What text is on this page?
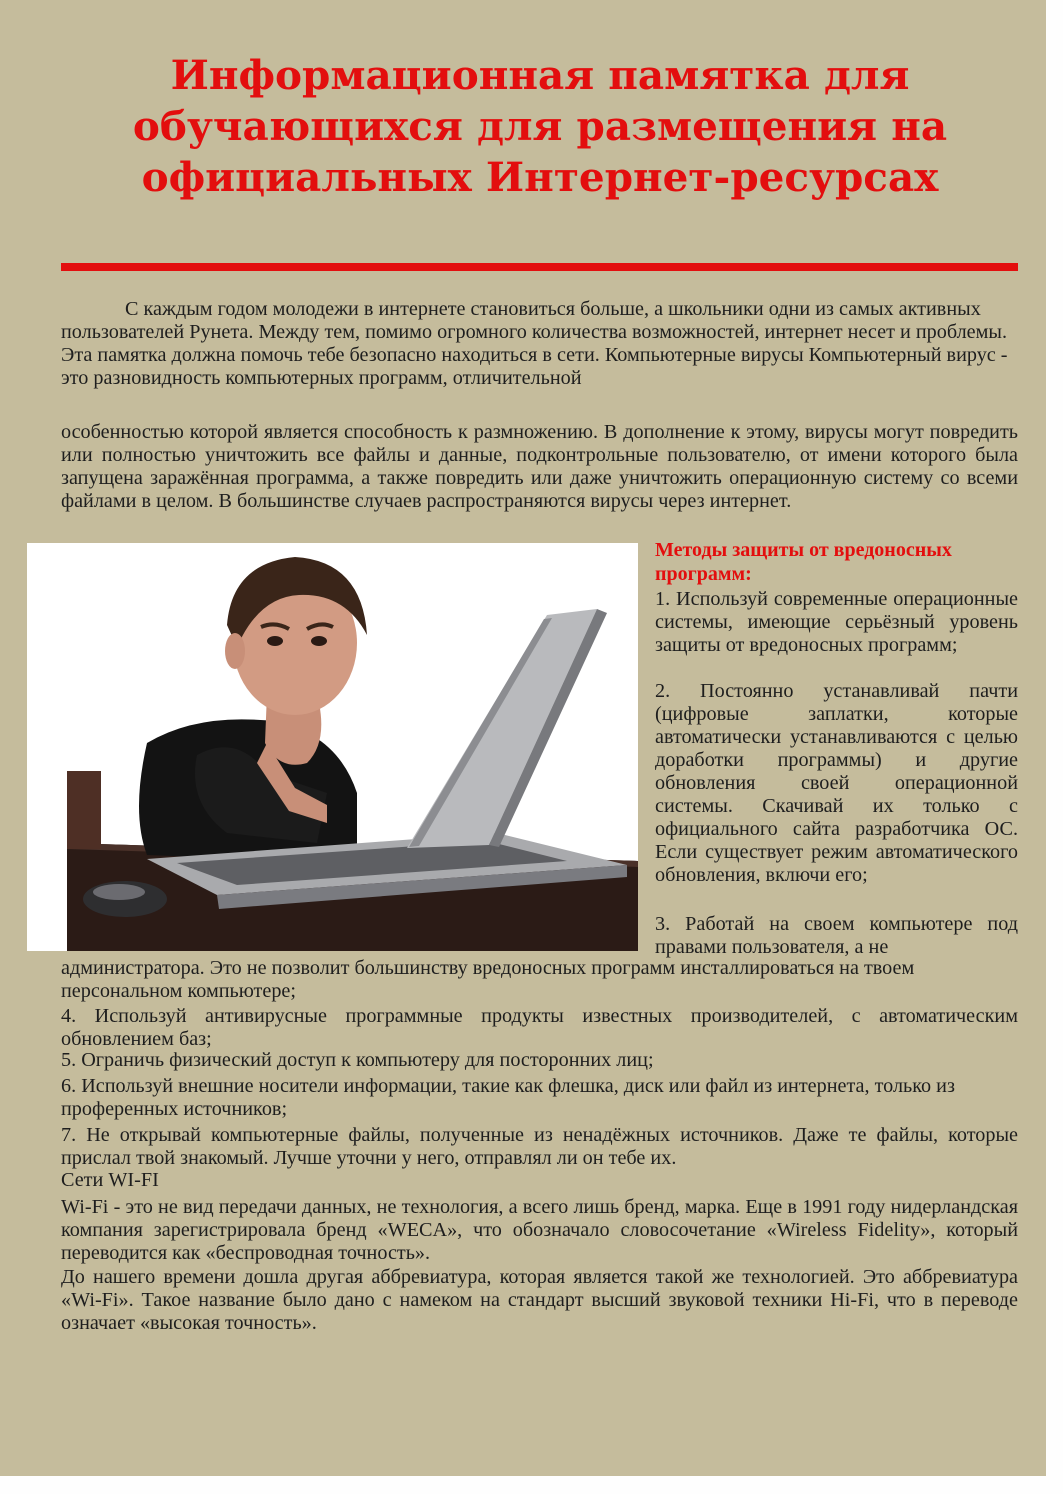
Информационная памятка для обучающихся для размещения на официальных Интернет-ресурсах

С каждым годом молодежи в интернете становиться больше, а школьники одни из самых активных пользователей Рунета. Между тем, помимо огромного количества возможностей, интернет несет и проблемы. Эта памятка должна помочь тебе безопасно находиться в сети. Компьютерные вирусы Компьютерный вирус - это разновидность компьютерных программ, отличительной

особенностью которой является способность к размножению. В дополнение к этому, вирусы могут повредить или полностью уничтожить все файлы и данные, подконтрольные пользователю, от имени которого была запущена заражённая программа, а также повредить или даже уничтожить операционную систему со всеми файлами в целом. В большинстве случаев распространяются вирусы через интернет.

Методы защиты от вредоносных программ:

1. Используй современные операционные системы, имеющие серьёзный уровень защиты от вредоносных программ;

2. Постоянно устанавливай пачти (цифровые заплатки, которые автоматически устанавливаются с целью доработки программы) и другие обновления своей операционной системы. Скачивай их только с официального сайта разработчика ОС. Если существует режим автоматического обновления, включи его;

3. Работай на своем компьютере под правами пользователя, а не

администратора. Это не позволит большинству вредоносных программ инсталлироваться на твоем персональном компьютере;

4. Используй антивирусные программные продукты известных производителей, с автоматическим обновлением баз;

5. Ограничь физический доступ к компьютеру для посторонних лиц;

6. Используй внешние носители информации, такие как флешка, диск или файл из интернета, только из проференных источников;

7. Не открывай компьютерные файлы, полученные из ненадёжных источников. Даже те файлы, которые прислал твой знакомый. Лучше уточни у него, отправлял ли он тебе их.

Сети WI-FI

Wi-Fi - это не вид передачи данных, не технология, а всего лишь бренд, марка. Еще в 1991 году нидерландская компания зарегистрировала бренд «WECA», что обозначало словосочетание «Wireless Fidelity», который переводится как «беспроводная точность».

До нашего времени дошла другая аббревиатура, которая является такой же технологией. Это аббревиатура «Wi-Fi». Такое название было дано с намеком на стандарт высший звуковой техники Hi-Fi, что в переводе означает «высокая точность».
